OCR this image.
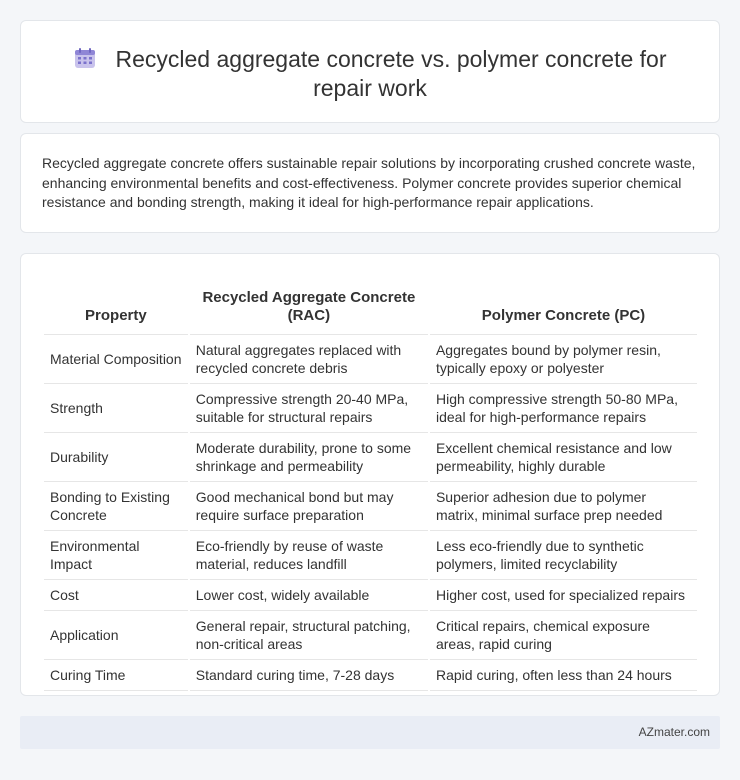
Recycled aggregate concrete vs. polymer concrete for repair work

Recycled aggregate concrete offers sustainable repair solutions by incorporating crushed concrete waste, enhancing environmental benefits and cost-effectiveness. Polymer concrete provides superior chemical resistance and bonding strength, making it ideal for high-performance repair applications.

Property	Recycled Aggregate Concrete (RAC)	Polymer Concrete (PC)
Material Composition	Natural aggregates replaced with recycled concrete debris	Aggregates bound by polymer resin, typically epoxy or polyester
Strength	Compressive strength 20-40 MPa, suitable for structural repairs	High compressive strength 50-80 MPa, ideal for high-performance repairs
Durability	Moderate durability, prone to some shrinkage and permeability	Excellent chemical resistance and low permeability, highly durable
Bonding to Existing Concrete	Good mechanical bond but may require surface preparation	Superior adhesion due to polymer matrix, minimal surface prep needed
Environmental Impact	Eco-friendly by reuse of waste material, reduces landfill	Less eco-friendly due to synthetic polymers, limited recyclability
Cost	Lower cost, widely available	Higher cost, used for specialized repairs
Application	General repair, structural patching, non-critical areas	Critical repairs, chemical exposure areas, rapid curing
Curing Time	Standard curing time, 7-28 days	Rapid curing, often less than 24 hours
AZmater.com
